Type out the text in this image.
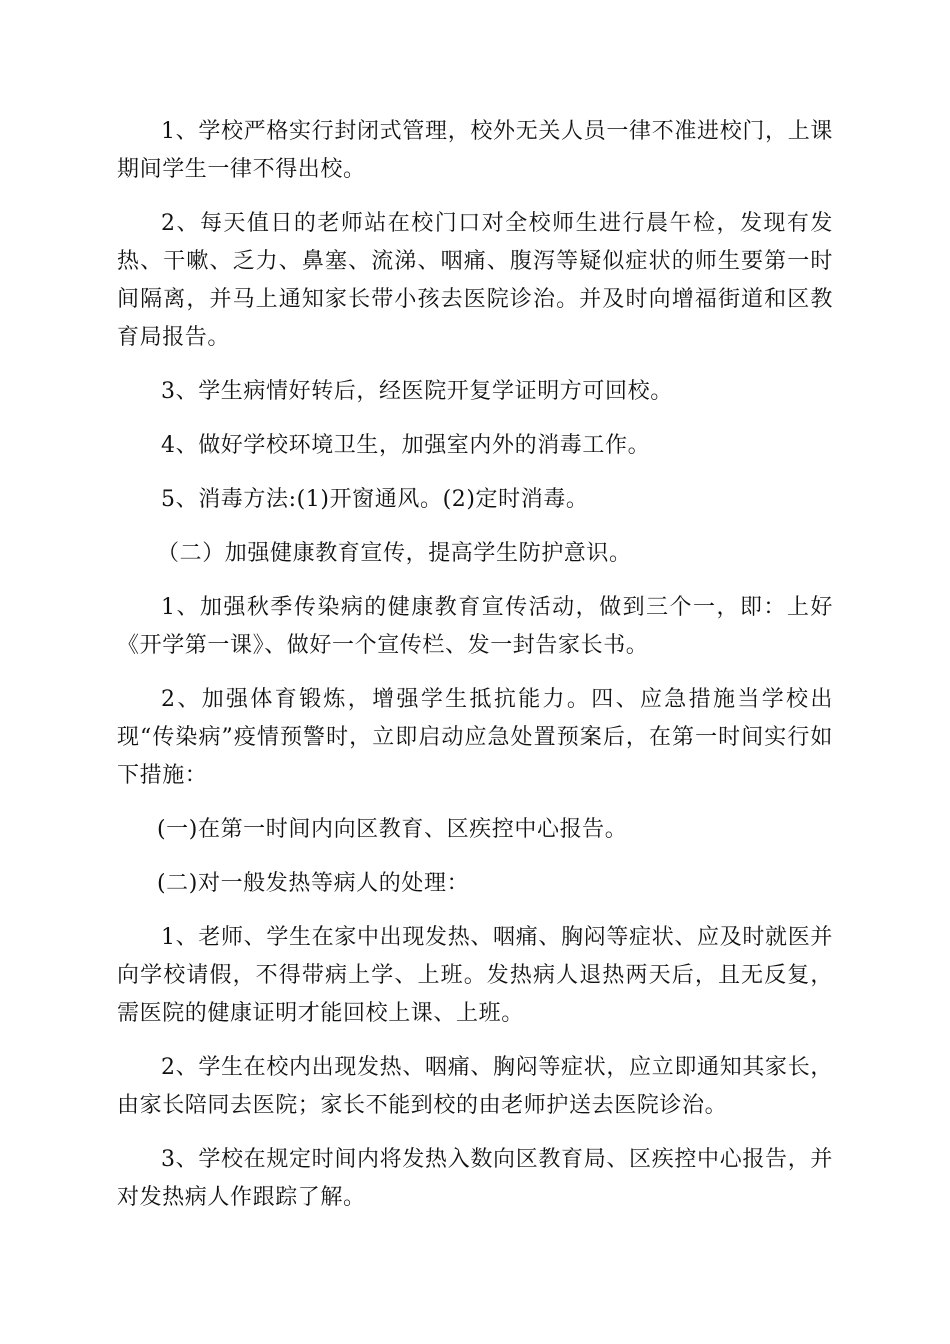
1、学校严格实行封闭式管理，校外无关人员一律不准进校门，上课期间学生一律不得出校。

2、每天值日的老师站在校门口对全校师生进行晨午检，发现有发热、干嗽、乏力、鼻塞、流涕、咽痛、腹泻等疑似症状的师生要第一时间隔离，并马上通知家长带小孩去医院诊治。并及时向增福街道和区教育局报告。

3、学生病情好转后，经医院开复学证明方可回校。

4、做好学校环境卫生，加强室内外的消毒工作。

5、消毒方法:(1)开窗通风。(2)定时消毒。

（二）加强健康教育宣传，提高学生防护意识。

1、加强秋季传染病的健康教育宣传活动，做到三个一，即：上好《开学第一课》、做好一个宣传栏、发一封告家长书。

2、加强体育锻炼，增强学生抵抗能力。四、应急措施当学校出现“传染病”疫情预警时，立即启动应急处置预案后，在第一时间实行如下措施：

(一)在第一时间内向区教育、区疾控中心报告。

(二)对一般发热等病人的处理：

1、老师、学生在家中出现发热、咽痛、胸闷等症状、应及时就医并向学校请假，不得带病上学、上班。发热病人退热两天后，且无反复，需医院的健康证明才能回校上课、上班。

2、学生在校内出现发热、咽痛、胸闷等症状，应立即通知其家长，由家长陪同去医院；家长不能到校的由老师护送去医院诊治。

3、学校在规定时间内将发热入数向区教育局、区疾控中心报告，并对发热病人作跟踪了解。
